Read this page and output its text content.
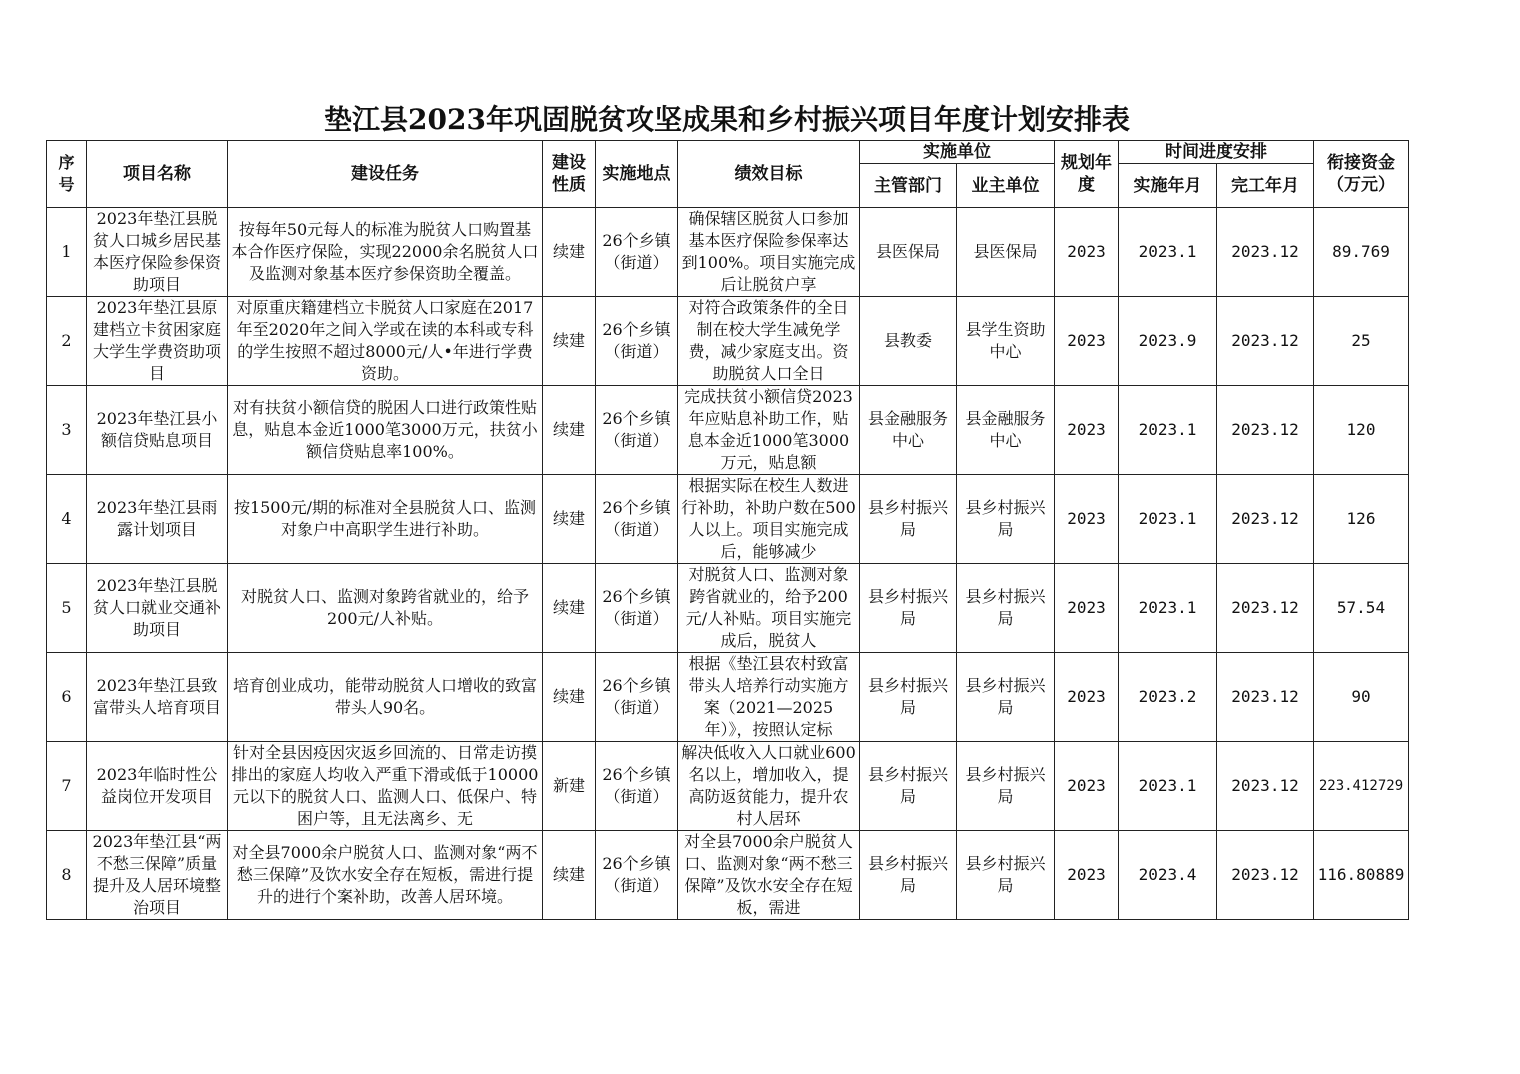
垫江县2023年巩固脱贫攻坚成果和乡村振兴项目年度计划安排表
序号	项目名称	建设任务	建设性质	实施地点	绩效目标	实施单位		规划年度	时间进度安排		衔接资金（万元）
						主管部门	业主单位		实施年月	完工年月	
1	2023年垫江县脱贫人口城乡居民基本医疗保险参保资助项目	按每年50元每人的标准为脱贫人口购置基本合作医疗保险，实现22000余名脱贫人口及监测对象基本医疗参保资助全覆盖。	续建	26个乡镇（街道）	确保辖区脱贫人口参加基本医疗保险参保率达到100%。项目实施完成后让脱贫户享	县医保局	县医保局	2023	2023.1	2023.12	89.769
2	2023年垫江县原建档立卡贫困家庭大学生学费资助项目	对原重庆籍建档立卡脱贫人口家庭在2017年至2020年之间入学或在读的本科或专科的学生按照不超过8000元/人•年进行学费资助。	续建	26个乡镇（街道）	对符合政策条件的全日制在校大学生减免学费，减少家庭支出。资助脱贫人口全日	县教委	县学生资助中心	2023	2023.9	2023.12	25
3	2023年垫江县小额信贷贴息项目	对有扶贫小额信贷的脱困人口进行政策性贴息，贴息本金近1000笔3000万元，扶贫小额信贷贴息率100%。	续建	26个乡镇（街道）	完成扶贫小额信贷2023年应贴息补助工作，贴息本金近1000笔3000万元，贴息额	县金融服务中心	县金融服务中心	2023	2023.1	2023.12	120
4	2023年垫江县雨露计划项目	按1500元/期的标准对全县脱贫人口、监测对象户中高职学生进行补助。	续建	26个乡镇（街道）	根据实际在校生人数进行补助，补助户数在500人以上。项目实施完成后，能够减少	县乡村振兴局	县乡村振兴局	2023	2023.1	2023.12	126
5	2023年垫江县脱贫人口就业交通补助项目	对脱贫人口、监测对象跨省就业的，给予200元/人补贴。	续建	26个乡镇（街道）	对脱贫人口、监测对象跨省就业的，给予200元/人补贴。项目实施完成后，脱贫人	县乡村振兴局	县乡村振兴局	2023	2023.1	2023.12	57.54
6	2023年垫江县致富带头人培育项目	培育创业成功，能带动脱贫人口增收的致富带头人90名。	续建	26个乡镇（街道）	根据《垫江县农村致富带头人培养行动实施方案（2021—2025年）》，按照认定标	县乡村振兴局	县乡村振兴局	2023	2023.2	2023.12	90
7	2023年临时性公益岗位开发项目	针对全县因疫因灾返乡回流的、日常走访摸排出的家庭人均收入严重下滑或低于10000元以下的脱贫人口、监测人口、低保户、特困户等，且无法离乡、无	新建	26个乡镇（街道）	解决低收入人口就业600名以上，增加收入，提高防返贫能力，提升农村人居环	县乡村振兴局	县乡村振兴局	2023	2023.1	2023.12	223.412729
8	2023年垫江县“两不愁三保障”质量提升及人居环境整治项目	对全县7000余户脱贫人口、监测对象“两不愁三保障”及饮水安全存在短板，需进行提升的进行个案补助，改善人居环境。	续建	26个乡镇（街道）	对全县7000余户脱贫人口、监测对象“两不愁三保障”及饮水安全存在短板，需进	县乡村振兴局	县乡村振兴局	2023	2023.4	2023.12	116.80889
